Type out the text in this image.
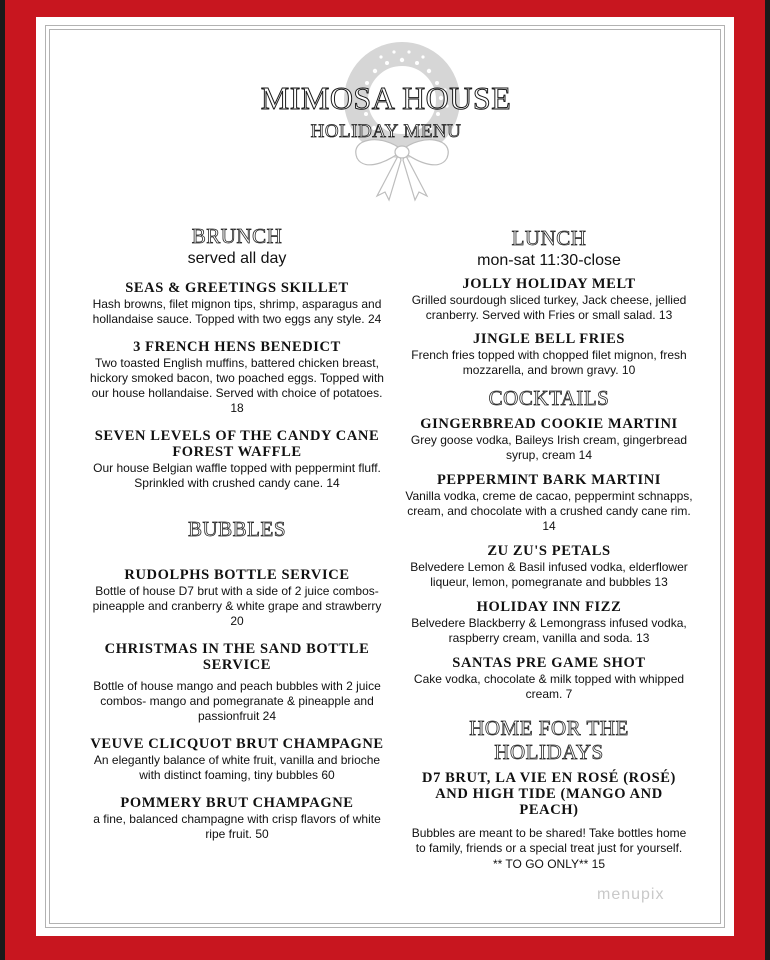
MIMOSA HOUSE
HOLIDAY MENU
BRUNCH
served all day
SEAS & GREETINGS SKILLET
Hash browns, filet mignon tips, shrimp, asparagus and hollandaise sauce. Topped with two eggs any style. 24
3 FRENCH HENS BENEDICT
Two toasted English muffins, battered chicken breast, hickory smoked bacon, two poached eggs. Topped with our house hollandaise. Served with choice of potatoes. 18
SEVEN LEVELS OF THE CANDY CANE FOREST WAFFLE
Our house Belgian waffle topped with peppermint fluff. Sprinkled with crushed candy cane. 14
BUBBLES
RUDOLPHS BOTTLE SERVICE
Bottle of house D7 brut with a side of 2 juice combos- pineapple and cranberry & white grape and strawberry 20
CHRISTMAS IN THE SAND BOTTLE SERVICE
Bottle of house mango and peach bubbles with 2 juice combos- mango and pomegranate & pineapple and passionfruit 24
VEUVE CLICQUOT BRUT CHAMPAGNE
An elegantly balance of white fruit, vanilla and brioche with distinct foaming, tiny bubbles 60
POMMERY BRUT CHAMPAGNE
a fine, balanced champagne with crisp flavors of white ripe fruit. 50
LUNCH
mon-sat 11:30-close
JOLLY HOLIDAY MELT
Grilled sourdough sliced turkey, Jack cheese, jellied cranberry. Served with Fries or small salad. 13
JINGLE BELL FRIES
French fries topped with chopped filet mignon, fresh mozzarella, and brown gravy. 10
COCKTAILS
GINGERBREAD COOKIE MARTINI
Grey goose vodka, Baileys Irish cream, gingerbread syrup, cream 14
PEPPERMINT BARK MARTINI
Vanilla vodka, creme de cacao, peppermint schnapps, cream, and chocolate with a crushed candy cane rim. 14
ZU ZU'S PETALS
Belvedere Lemon & Basil infused vodka, elderflower liqueur, lemon, pomegranate and bubbles 13
HOLIDAY INN FIZZ
Belvedere Blackberry & Lemongrass infused vodka, raspberry cream, vanilla and soda. 13
SANTAS PRE GAME SHOT
Cake vodka, chocolate & milk topped with whipped cream. 7
HOME FOR THE HOLIDAYS
D7 BRUT, LA VIE EN ROSÉ (ROSÉ) AND HIGH TIDE (MANGO AND PEACH)
Bubbles are meant to be shared! Take bottles home to family, friends or a special treat just for yourself.
** TO GO ONLY** 15
menupix
